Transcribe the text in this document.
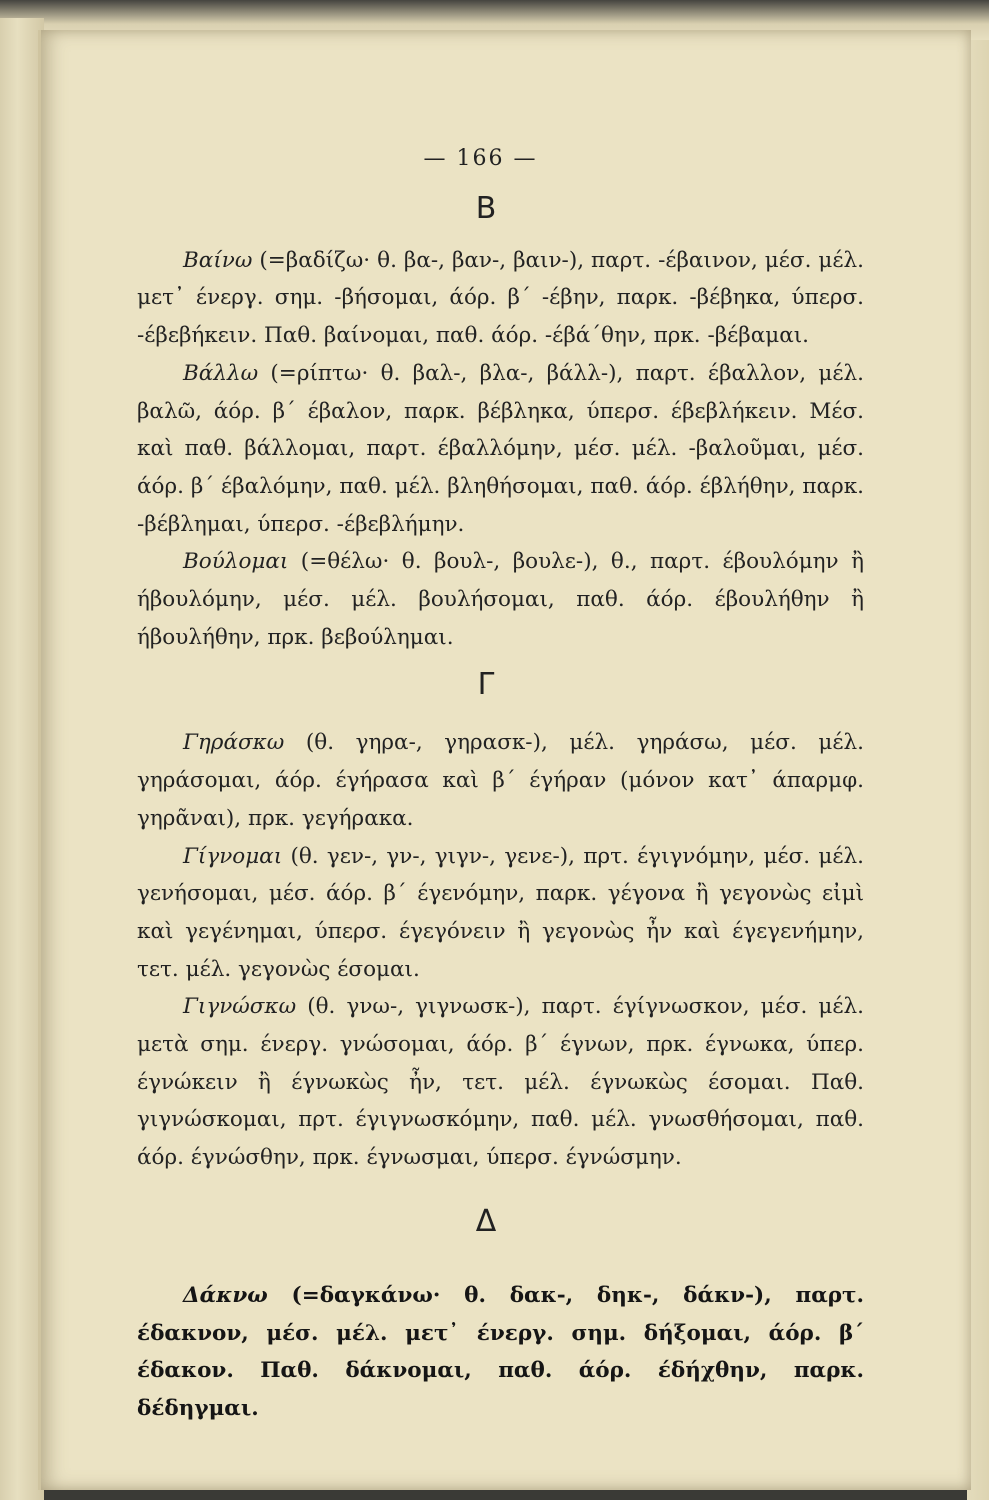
— 166 —
B

Βαίνω (=βαδίζω· θ. βα-, βαν-, βαιν-), παρτ. -έβαινον, μέσ. μέλ. μετ᾽ ένεργ. σημ. -βήσομαι, άόρ. β΄ -έβην, παρκ. -βέβηκα, ύπερσ. -έβεβήκειν. Παθ. βαίνομαι, παθ. άόρ. -έβά΄θην, πρκ. -βέβαμαι.

Βάλλω (=ρίπτω· θ. βαλ-, βλα-, βάλλ-), παρτ. έβαλλον, μέλ. βαλῶ, άόρ. β΄ έβαλον, παρκ. βέβληκα, ύπερσ. έβεβλήκειν. Μέσ. καὶ παθ. βάλλομαι, παρτ. έβαλλόμην, μέσ. μέλ. -βαλοῦμαι, μέσ. άόρ. β΄ έβαλόμην, παθ. μέλ. βληθήσομαι, παθ. άόρ. έβλήθην, παρκ. -βέβλημαι, ύπερσ. -έβεβλήμην.

Βούλομαι (=θέλω· θ. βουλ-, βουλε-), θ., παρτ. έβουλόμην ἢ ήβουλόμην, μέσ. μέλ. βουλήσομαι, παθ. άόρ. έβουλήθην ἢ ήβουλήθην, πρκ. βεβούλημαι.

Γ

Γηράσκω (θ. γηρα-, γηρασκ-), μέλ. γηράσω, μέσ. μέλ. γηράσομαι, άόρ. έγήρασα καὶ β΄ έγήραν (μόνον κατ᾽ άπαρμφ. γηρᾶναι), πρκ. γεγήρακα.

Γίγνομαι (θ. γεν-, γν-, γιγν-, γενε-), πρτ. έγιγνόμην, μέσ. μέλ. γενήσομαι, μέσ. άόρ. β΄ έγενόμην, παρκ. γέγονα ἢ γεγονὼς εἰμὶ καὶ γεγένημαι, ύπερσ. έγεγόνειν ἢ γεγονὼς ἦν καὶ έγεγενήμην, τετ. μέλ. γεγονὼς έσομαι.

Γιγνώσκω (θ. γνω-, γιγνωσκ-), παρτ. έγίγνωσκον, μέσ. μέλ. μετὰ σημ. ένεργ. γνώσομαι, άόρ. β΄ έγνων, πρκ. έγνωκα, ύπερ. έγνώκειν ἢ έγνωκὼς ἦν, τετ. μέλ. έγνωκὼς έσομαι. Παθ. γιγνώσκομαι, πρτ. έγιγνωσκόμην, παθ. μέλ. γνωσθήσομαι, παθ. άόρ. έγνώσθην, πρκ. έγνωσμαι, ύπερσ. έγνώσμην.

Δ

Δάκνω (=δαγκάνω· θ. δακ-, δηκ-, δάκν-), παρτ. έδακνον, μέσ. μέλ. μετ᾽ ένεργ. σημ. δήξομαι, άόρ. β΄ έδακον. Παθ. δάκνομαι, παθ. άόρ. έδήχθην, παρκ. δέδηγμαι.
